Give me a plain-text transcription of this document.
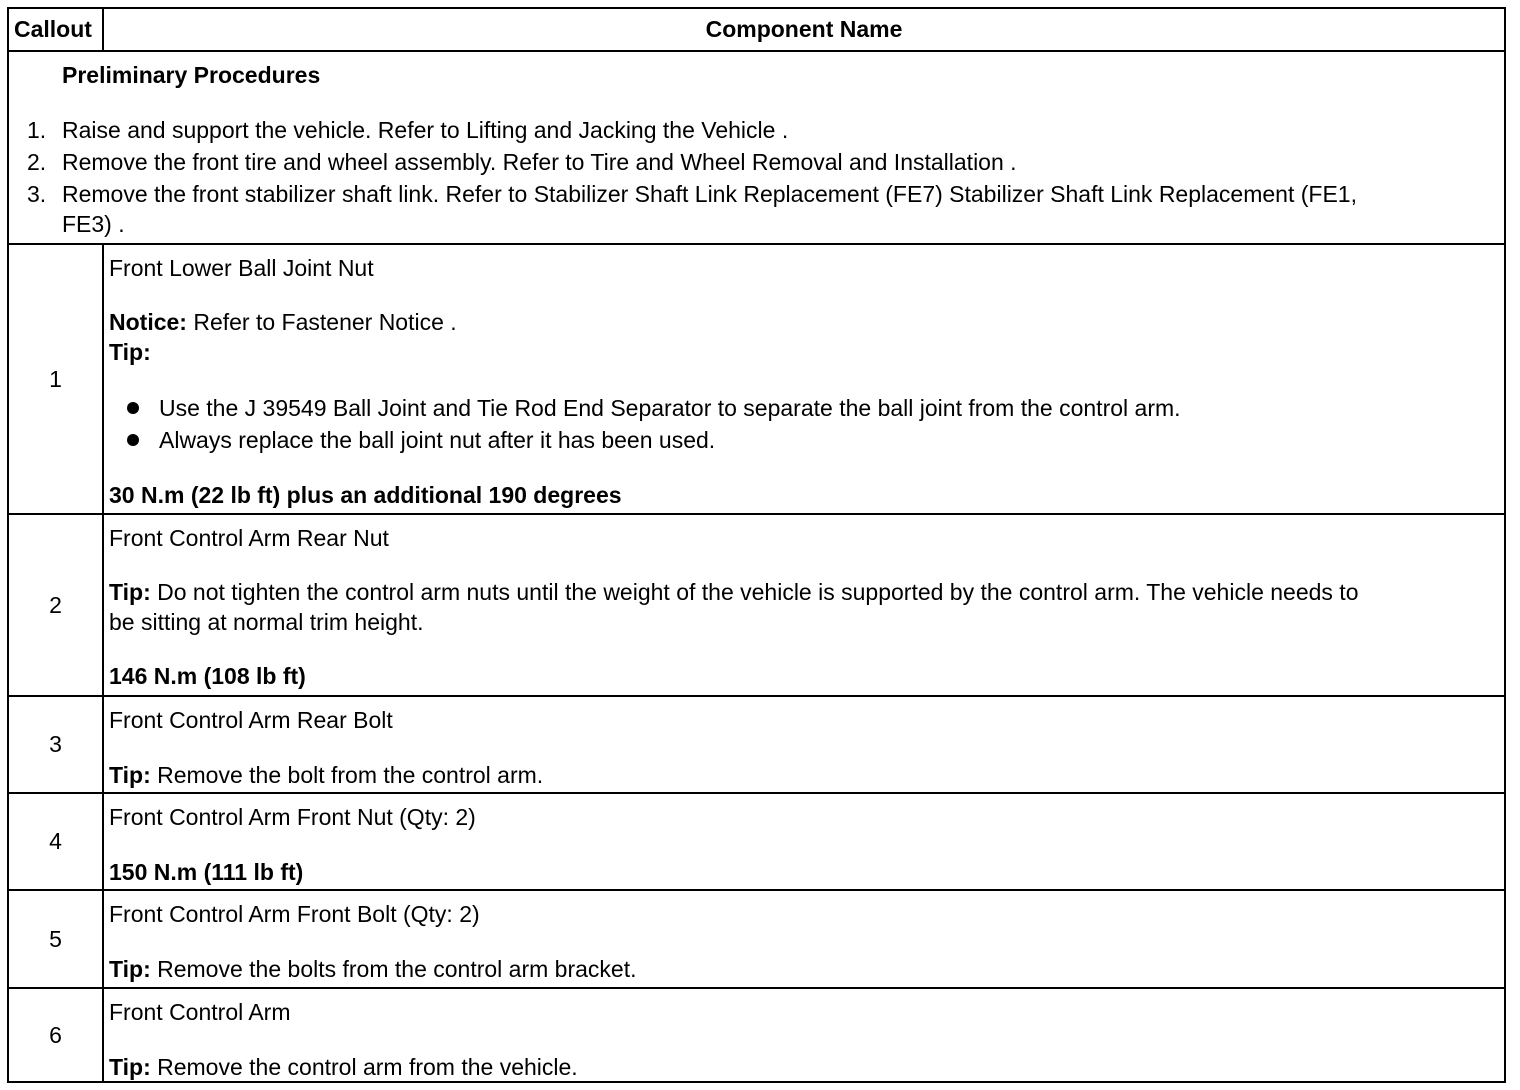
Callout	Component Name
Preliminary Procedures
1. Raise and support the vehicle. Refer to Lifting and Jacking the Vehicle .
2. Remove the front tire and wheel assembly. Refer to Tire and Wheel Removal and Installation .
3. Remove the front stabilizer shaft link. Refer to Stabilizer Shaft Link Replacement (FE7) Stabilizer Shaft Link Replacement (FE1,
FE3) .
1
Front Lower Ball Joint Nut
Notice: Refer to Fastener Notice .
Tip:
Use the J 39549 Ball Joint and Tie Rod End Separator to separate the ball joint from the control arm.
Always replace the ball joint nut after it has been used.
30 N.m (22 lb ft) plus an additional 190 degrees
2
Front Control Arm Rear Nut
Tip: Do not tighten the control arm nuts until the weight of the vehicle is supported by the control arm. The vehicle needs to
be sitting at normal trim height.
146 N.m (108 lb ft)
3
Front Control Arm Rear Bolt
Tip: Remove the bolt from the control arm.
4
Front Control Arm Front Nut (Qty: 2)
150 N.m (111 lb ft)
5
Front Control Arm Front Bolt (Qty: 2)
Tip: Remove the bolts from the control arm bracket.
6
Front Control Arm
Tip: Remove the control arm from the vehicle.
